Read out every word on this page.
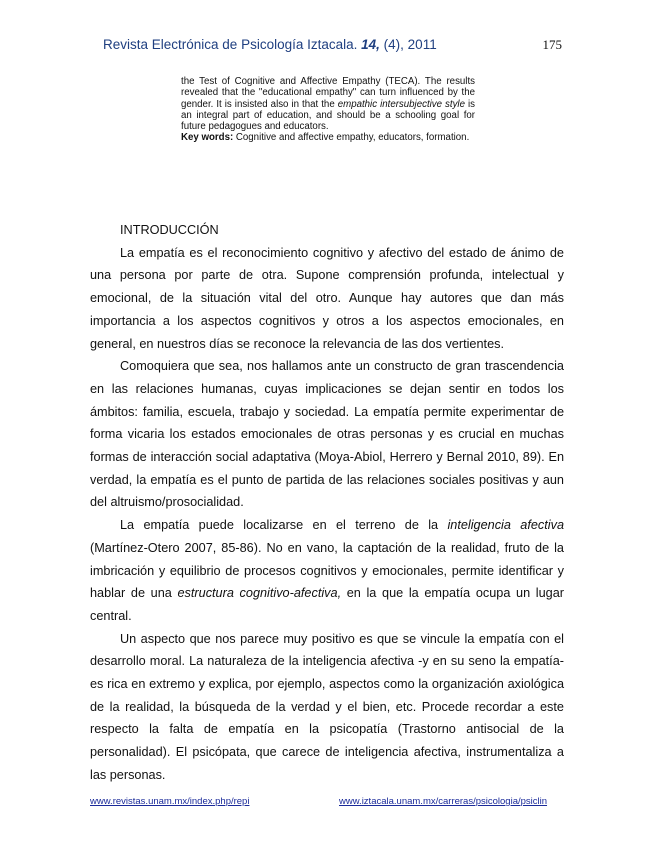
Revista Electrónica de Psicología Iztacala. 14, (4), 2011	175

the Test of Cognitive and Affective Empathy (TECA). The results revealed that the "educational empathy" can turn influenced by the gender. It is insisted also in that the empathic intersubjective style is an integral part of education, and should be a schooling goal for future pedagogues and educators.

Key words: Cognitive and affective empathy, educators, formation.

INTRODUCCIÓN

La empatía es el reconocimiento cognitivo y afectivo del estado de ánimo de una persona por parte de otra. Supone comprensión profunda, intelectual y emocional, de la situación vital del otro. Aunque hay autores que dan más importancia a los aspectos cognitivos y otros a los aspectos emocionales, en general, en nuestros días se reconoce la relevancia de las dos vertientes.

Comoquiera que sea, nos hallamos ante un constructo de gran trascendencia en las relaciones humanas, cuyas implicaciones se dejan sentir en todos los ámbitos: familia, escuela, trabajo y sociedad. La empatía permite experimentar de forma vicaria los estados emocionales de otras personas y es crucial en muchas formas de interacción social adaptativa (Moya-Abiol, Herrero y Bernal 2010, 89). En verdad, la empatía es el punto de partida de las relaciones sociales positivas y aun del altruismo/prosocialidad.

La empatía puede localizarse en el terreno de la inteligencia afectiva (Martínez-Otero 2007, 85-86). No en vano, la captación de la realidad, fruto de la imbricación y equilibrio de procesos cognitivos y emocionales, permite identificar y hablar de una estructura cognitivo-afectiva, en la que la empatía ocupa un lugar central.

Un aspecto que nos parece muy positivo es que se vincule la empatía con el desarrollo moral. La naturaleza de la inteligencia afectiva -y en su seno la empatía- es rica en extremo y explica, por ejemplo, aspectos como la organización axiológica de la realidad, la búsqueda de la verdad y el bien, etc. Procede recordar a este respecto la falta de empatía en la psicopatía (Trastorno antisocial de la personalidad). El psicópata, que carece de inteligencia afectiva, instrumentaliza a las personas.

www.revistas.unam.mx/index.php/repi	www.iztacala.unam.mx/carreras/psicologia/psiclin
